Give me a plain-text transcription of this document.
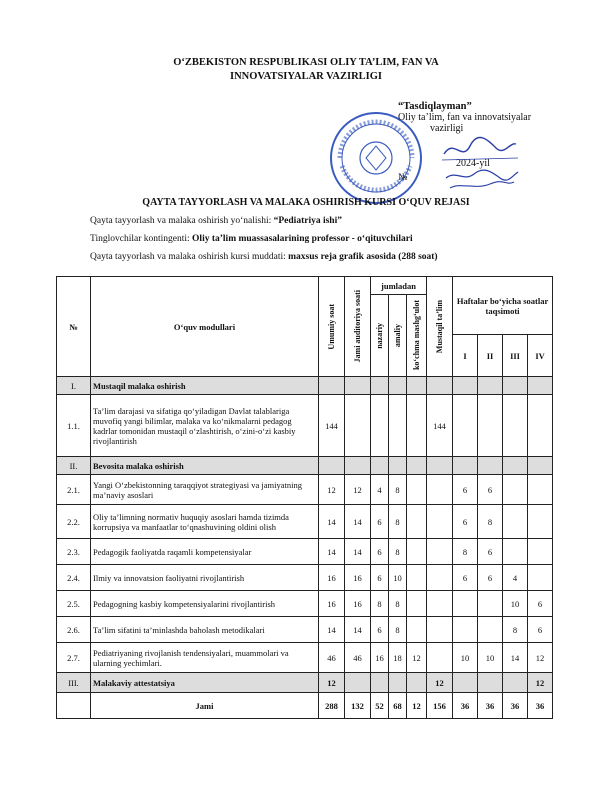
O‘ZBEKISTON RESPUBLIKASI OLIY TA’LIM, FAN VA
INNOVATSIYALAR VAZIRLIGI
“Tasdiqlayman”
Oliy ta’lim, fan va innovatsiyalar
vazirligi
2024-yil
№
QAYTA TAYYORLASH VA MALAKA OSHIRISH KURSI O‘QUV REJASI
Qayta tayyorlash va malaka oshirish yo‘nalishi: “Pediatriya ishi”
Tinglovchilar kontingenti: Oliy ta’lim muassasalarining professor - o‘qituvchilari
Qayta tayyorlash va malaka oshirish kursi muddati: maxsus reja grafik asosida (288 soat)
№	O‘quv modullari	Umumiy soat	Jami auditoriya soati	jumladan			Mustaqil ta’lim	Haftalar bo‘yicha soatlar taqsimoti			

				nazariy	amaliy	ko‘chma mashg‘ulot					

								I	II	III	IV
I.	Mustaqil malaka oshirish										
1.1.	Ta’lim darajasi va sifatiga qo‘yiladigan Davlat talablariga muvofiq yangi bilimlar, malaka va ko‘nikmalarni pedagog kadrlar tomonidan mustaqil o‘zlashtirish, o‘zini-o‘zi kasbiy rivojlantirish	144					144				
II.	Bevosita malaka oshirish										
2.1.	Yangi O‘zbekistonning taraqqiyot strategiyasi va jamiyatning ma’naviy asoslari	12	12	4	8			6	6		
2.2.	Oliy ta’limning normativ huquqiy asoslari hamda tizimda korrupsiya va manfaatlar to‘qnashuvining oldini olish	14	14	6	8			6	8		
2.3.	Pedagogik faoliyatda raqamli kompetensiyalar	14	14	6	8			8	6		
2.4.	Ilmiy va innovatsion faoliyatni rivojlantirish	16	16	6	10			6	6	4	
2.5.	Pedagogning kasbiy kompetensiyalarini rivojlantirish	16	16	8	8					10	6
2.6.	Ta’lim sifatini ta’minlashda baholash metodikalari	14	14	6	8					8	6
2.7.	Pediatriyaning rivojlanish tendensiyalari, muammolari va ularning yechimlari.	46	46	16	18	12		10	10	14	12
III.	Malakaviy attestatsiya	12					12				12
	Jami	288	132	52	68	12	156	36	36	36	36
